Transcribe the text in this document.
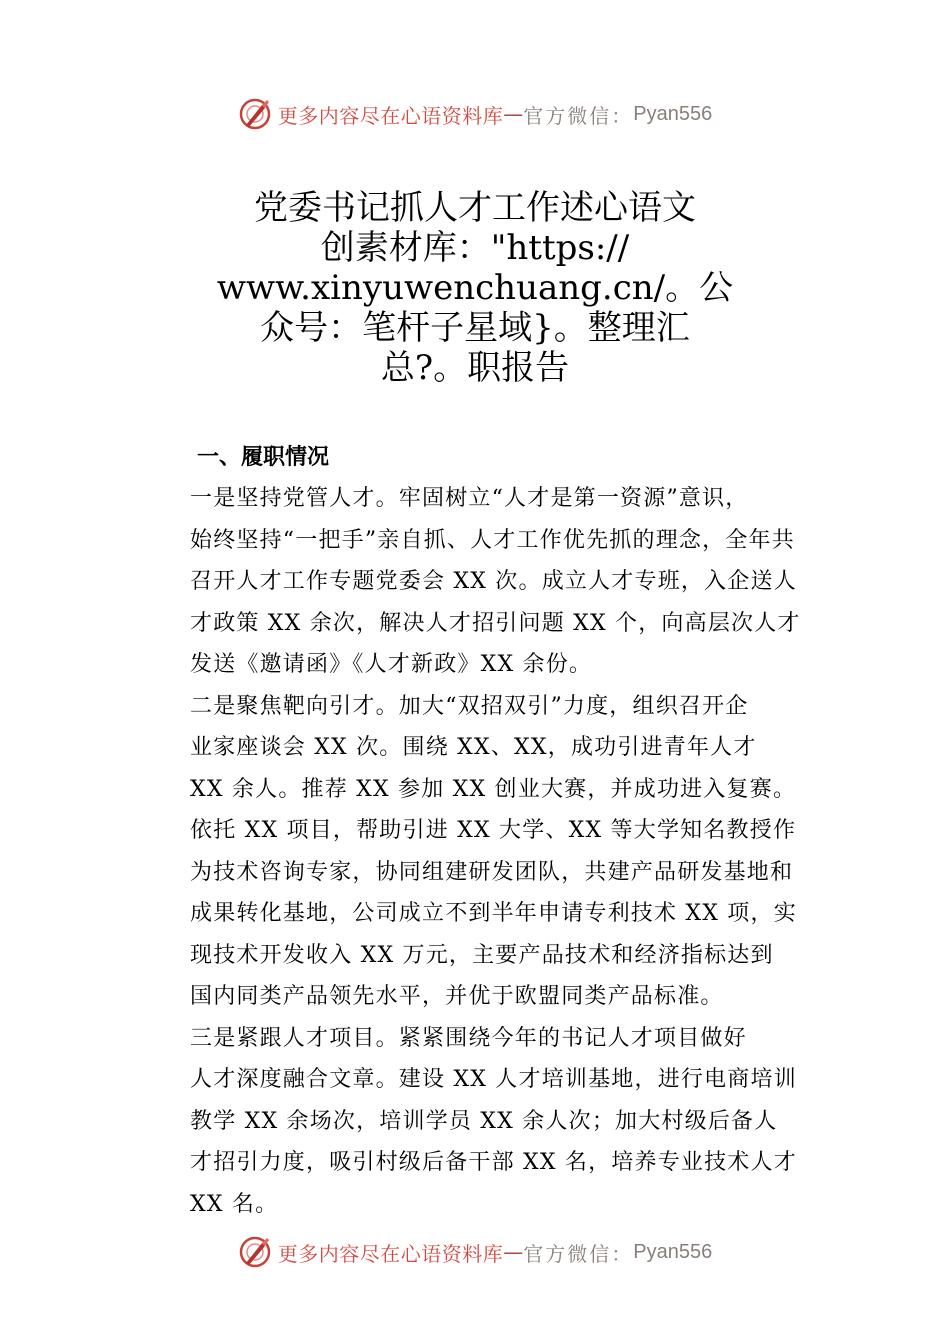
更多内容尽在心语资料库 — 官方微信： Pyan556
党委书记抓人才工作述心语文
创素材库："https://
www.xinyuwenchuang.cn/。公
众号：笔杆子星域}。整理汇
总?。职报告
一、履职情况

一是坚持党管人才。牢固树立“人才是第一资源”意识，
始终坚持“一把手”亲自抓、人才工作优先抓的理念，全年共
召开人才工作专题党委会 XX 次。成立人才专班，入企送人
才政策 XX 余次，解决人才招引问题 XX 个，向高层次人才
发送《邀请函》《人才新政》XX 余份。

二是聚焦靶向引才。加大“双招双引”力度，组织召开企
业家座谈会 XX 次。围绕 XX、XX，成功引进青年人才
XX 余人。推荐 XX 参加 XX 创业大赛，并成功进入复赛。
依托 XX 项目，帮助引进 XX 大学、XX 等大学知名教授作
为技术咨询专家，协同组建研发团队，共建产品研发基地和
成果转化基地，公司成立不到半年申请专利技术 XX 项，实
现技术开发收入 XX 万元，主要产品技术和经济指标达到
国内同类产品领先水平，并优于欧盟同类产品标准。

三是紧跟人才项目。紧紧围绕今年的书记人才项目做好
人才深度融合文章。建设 XX 人才培训基地，进行电商培训
教学 XX 余场次，培训学员 XX 余人次；加大村级后备人
才招引力度，吸引村级后备干部 XX 名，培养专业技术人才
XX 名。

更多内容尽在心语资料库 — 官方微信： Pyan556
